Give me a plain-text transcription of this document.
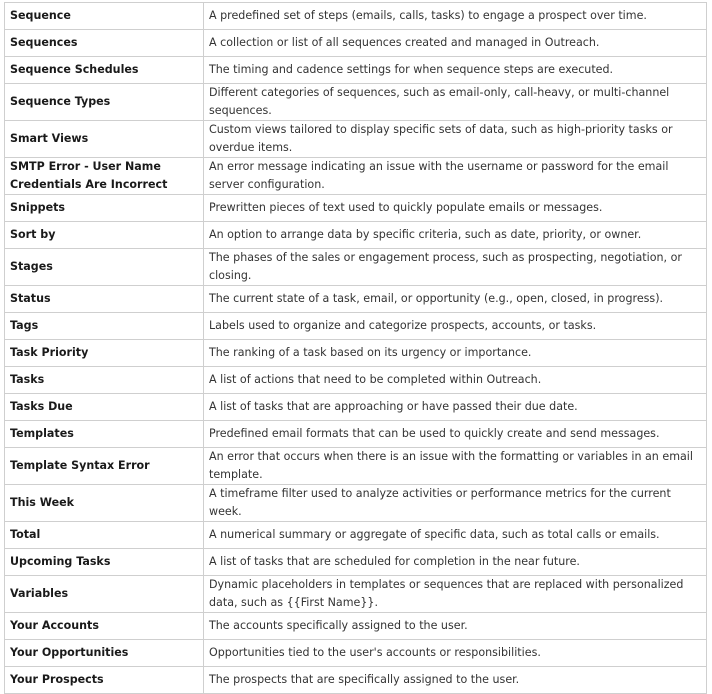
Sequence	A predefined set of steps (emails, calls, tasks) to engage a prospect over time.
Sequences	A collection or list of all sequences created and managed in Outreach.
Sequence Schedules	The timing and cadence settings for when sequence steps are executed.
Sequence Types	Different categories of sequences, such as email-only, call-heavy, or multi-channel sequences.
Smart Views	Custom views tailored to display specific sets of data, such as high-priority tasks or overdue items.
SMTP Error - User Name Credentials Are Incorrect	An error message indicating an issue with the username or password for the email server configuration.
Snippets	Prewritten pieces of text used to quickly populate emails or messages.
Sort by	An option to arrange data by specific criteria, such as date, priority, or owner.
Stages	The phases of the sales or engagement process, such as prospecting, negotiation, or closing.
Status	The current state of a task, email, or opportunity (e.g., open, closed, in progress).
Tags	Labels used to organize and categorize prospects, accounts, or tasks.
Task Priority	The ranking of a task based on its urgency or importance.
Tasks	A list of actions that need to be completed within Outreach.
Tasks Due	A list of tasks that are approaching or have passed their due date.
Templates	Predefined email formats that can be used to quickly create and send messages.
Template Syntax Error	An error that occurs when there is an issue with the formatting or variables in an email template.
This Week	A timeframe filter used to analyze activities or performance metrics for the current week.
Total	A numerical summary or aggregate of specific data, such as total calls or emails.
Upcoming Tasks	A list of tasks that are scheduled for completion in the near future.
Variables	Dynamic placeholders in templates or sequences that are replaced with personalized data, such as {{First Name}}.
Your Accounts	The accounts specifically assigned to the user.
Your Opportunities	Opportunities tied to the user's accounts or responsibilities.
Your Prospects	The prospects that are specifically assigned to the user.
